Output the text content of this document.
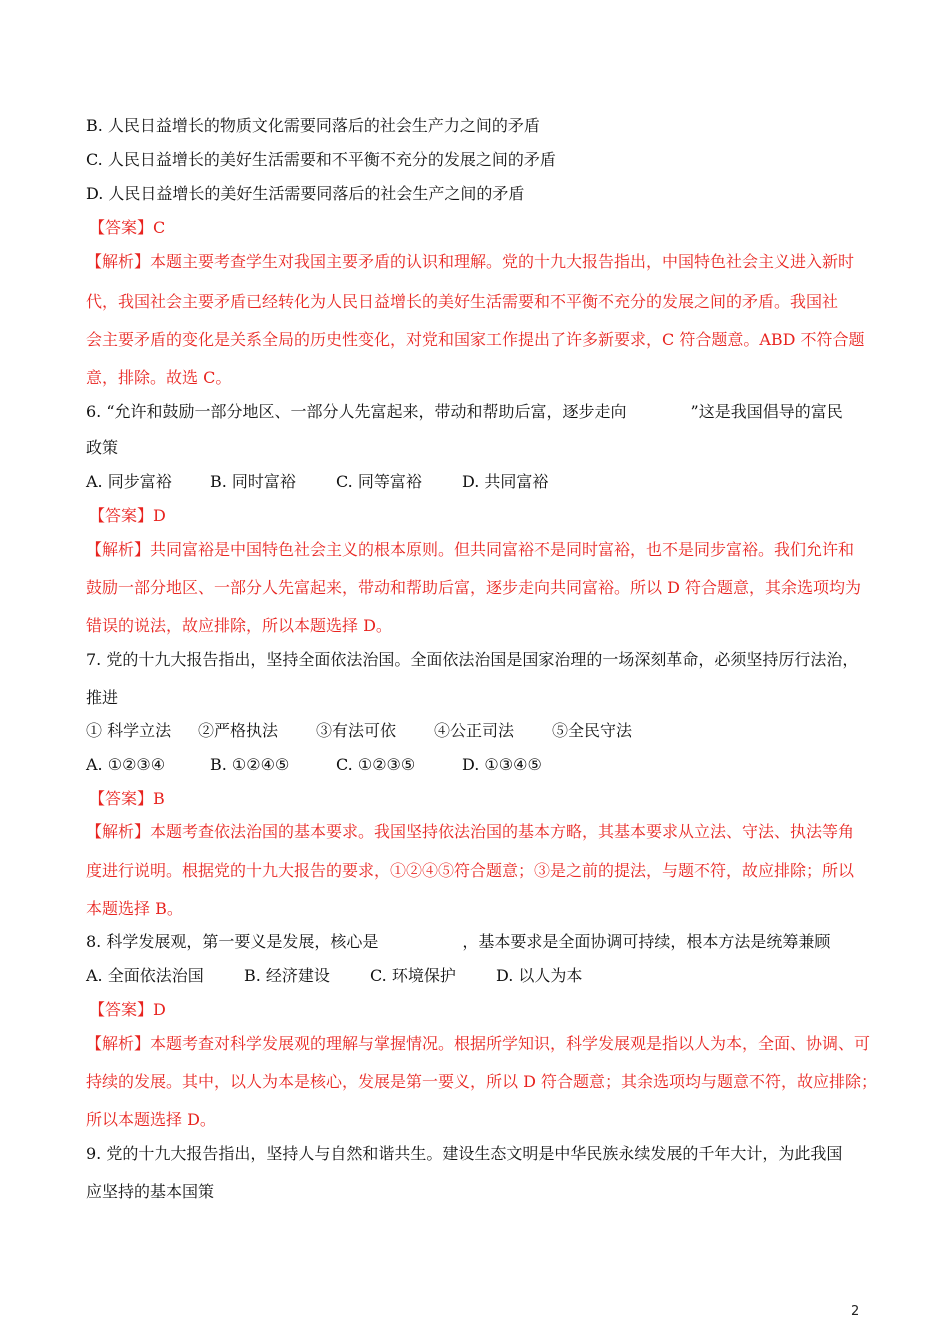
B. 人民日益增长的物质文化需要同落后的社会生产力之间的矛盾
C. 人民日益增长的美好生活需要和不平衡不充分的发展之间的矛盾
D. 人民日益增长的美好生活需要同落后的社会生产之间的矛盾
【答案】C
【解析】本题主要考查学生对我国主要矛盾的认识和理解。党的十九大报告指出，中国特色社会主义进入新时
代，我国社会主要矛盾已经转化为人民日益增长的美好生活需要和不平衡不充分的发展之间的矛盾。我国社
会主要矛盾的变化是关系全局的历史性变化，对党和国家工作提出了许多新要求，C 符合题意。ABD 不符合题
意，排除。故选 C。
6. “允许和鼓励一部分地区、一部分人先富起来，带动和帮助后富，逐步走向	”这是我国倡导的富民
政策
A. 同步富裕 B. 同时富裕	C. 同等富裕	D. 共同富裕
【答案】D
【解析】共同富裕是中国特色社会主义的根本原则。但共同富裕不是同时富裕，也不是同步富裕。我们允许和
鼓励一部分地区、一部分人先富起来，带动和帮助后富，逐步走向共同富裕。所以 D 符合题意，其余选项均为
错误的说法，故应排除，所以本题选择 D。
7. 党的十九大报告指出，坚持全面依法治国。全面依法治国是国家治理的一场深刻革命，必须坚持厉行法治，
推进
① 科学立法 ②严格执法 ③有法可依 ④公正司法 ⑤全民守法
A. ①②③④	B. ①②④⑤	C. ①②③⑤	D. ①③④⑤
【答案】B
【解析】本题考查依法治国的基本要求。我国坚持依法治国的基本方略，其基本要求从立法、守法、执法等角
度进行说明。根据党的十九大报告的要求，①②④⑤符合题意；③是之前的提法，与题不符，故应排除；所以
本题选择 B。
8. 科学发展观，第一要义是发展，核心是	，基本要求是全面协调可持续，根本方法是统筹兼顾
A. 全面依法治国	B. 经济建设	C. 环境保护	D. 以人为本
【答案】D
【解析】本题考查对科学发展观的理解与掌握情况。根据所学知识，科学发展观是指以人为本，全面、协调、可
持续的发展。其中，以人为本是核心，发展是第一要义，所以 D 符合题意；其余选项均与题意不符，故应排除；
所以本题选择 D。
9. 党的十九大报告指出，坚持人与自然和谐共生。建设生态文明是中华民族永续发展的千年大计，为此我国
应坚持的基本国策
2
